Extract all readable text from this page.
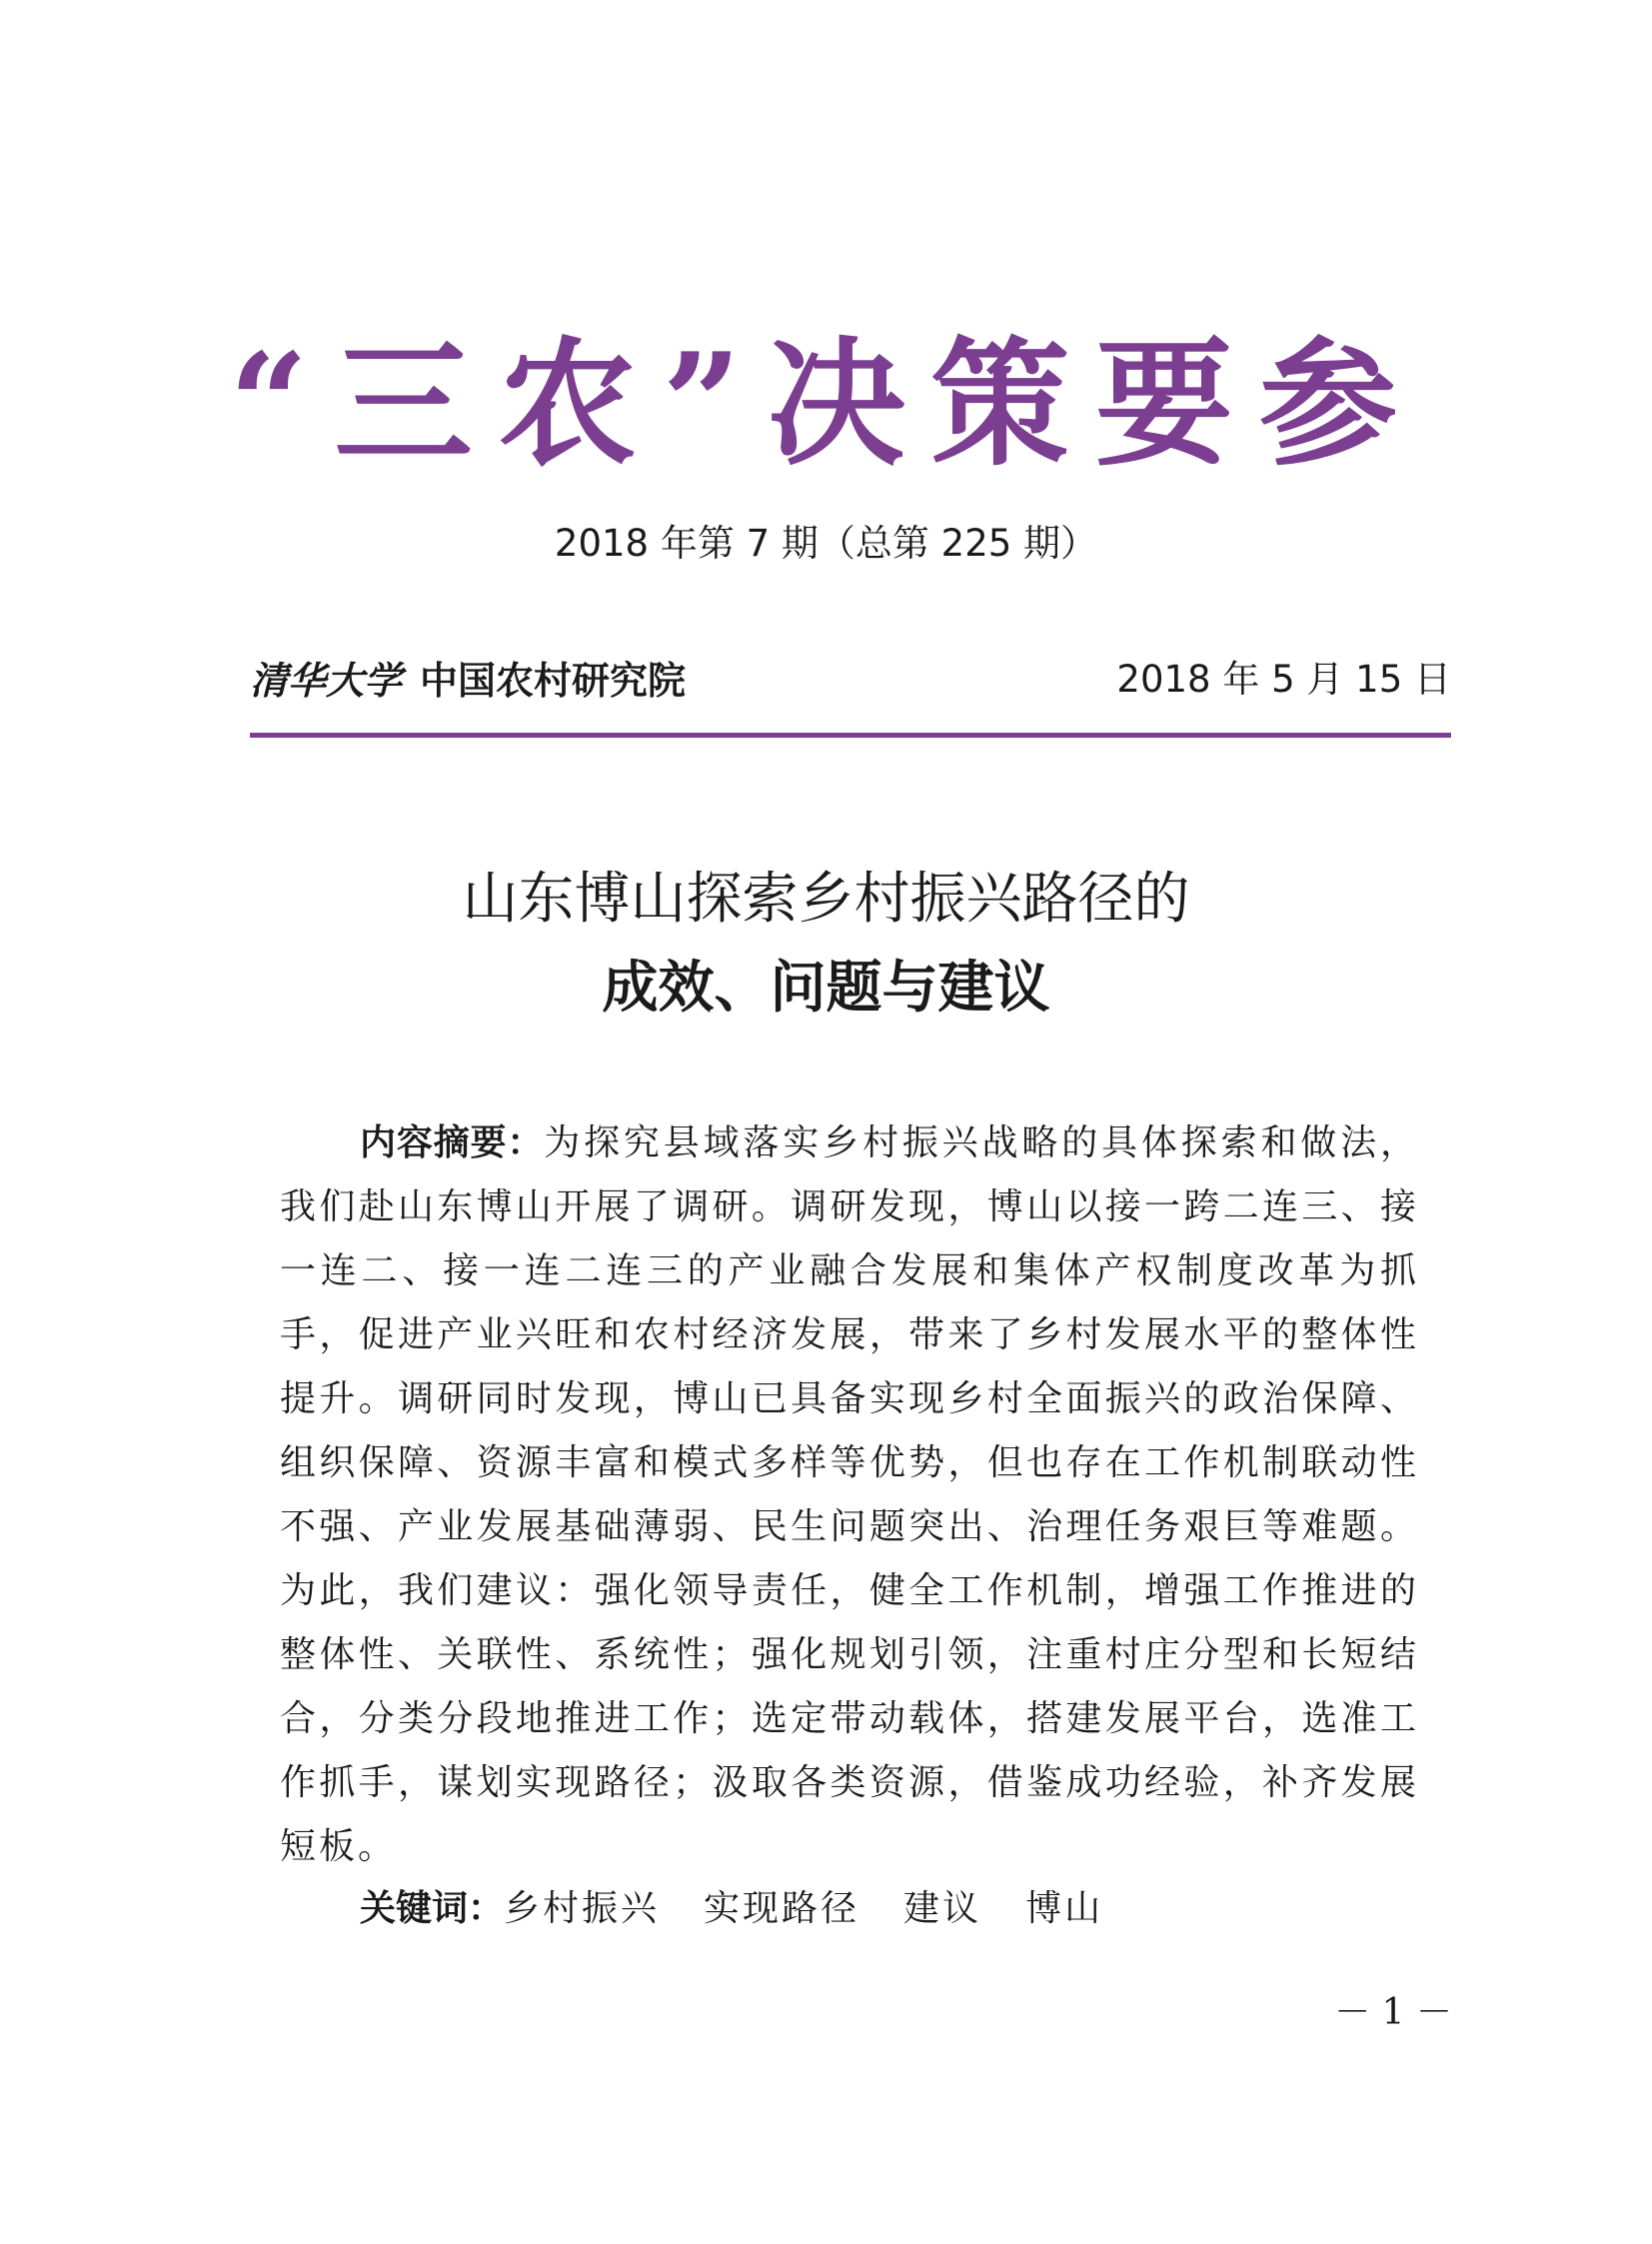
“三农”决策要参
2018 年第 7 期（总第 225 期）
清华大学 中国农村研究院	2018 年 5 月 15 日
山东博山探索乡村振兴路径的
成效、问题与建议

内容摘要：为探究县域落实乡村振兴战略的具体探索和做法，我们赴山东博山开展了调研。调研发现，博山以接一跨二连三、接一连二、接一连二连三的产业融合发展和集体产权制度改革为抓手，促进产业兴旺和农村经济发展，带来了乡村发展水平的整体性提升。调研同时发现，博山已具备实现乡村全面振兴的政治保障、组织保障、资源丰富和模式多样等优势，但也存在工作机制联动性不强、产业发展基础薄弱、民生问题突出、治理任务艰巨等难题。为此，我们建议：强化领导责任，健全工作机制，增强工作推进的整体性、关联性、系统性；强化规划引领，注重村庄分型和长短结合，分类分段地推进工作；选定带动载体，搭建发展平台，选准工作抓手，谋划实现路径；汲取各类资源，借鉴成功经验，补齐发展短板。

关键词：乡村振兴 实现路径 建议 博山
－ 1 －
